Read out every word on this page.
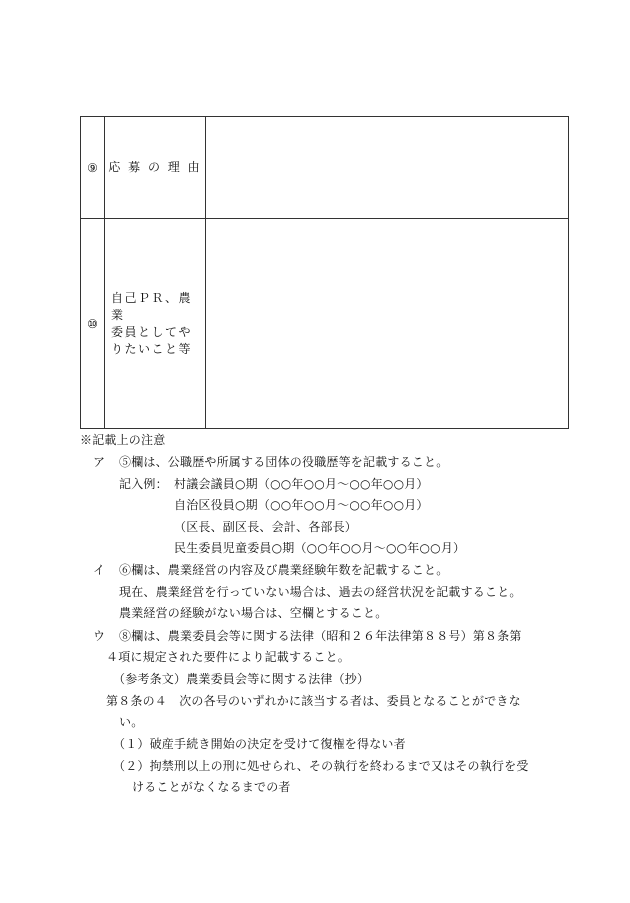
⑨	応 募 の 理 由	
⑩	自己ＰＲ、農業
委員としてや
りたいこと等	

※記載上の注意
ア ⑤欄は、公職歴や所属する団体の役職歴等を記載すること。
記入例： 村議会議員○期（○○年○○月～○○年○○月）
自治区役員○期（○○年○○月～○○年○○月）
（区長、副区長、会計、各部長）
民生委員児童委員○期（○○年○○月～○○年○○月）
イ ⑥欄は、農業経営の内容及び農業経験年数を記載すること。
現在、農業経営を行っていない場合は、過去の経営状況を記載すること。
農業経営の経験がない場合は、空欄とすること。
ウ ⑧欄は、農業委員会等に関する法律（昭和２６年法律第８８号）第８条第
４項に規定された要件により記載すること。
（参考条文）農業委員会等に関する法律（抄）
第８条の４　次の各号のいずれかに該当する者は、委員となることができな
い。
（１）破産手続き開始の決定を受けて復権を得ない者
（２）拘禁刑以上の刑に処せられ、その執行を終わるまで又はその執行を受
けることがなくなるまでの者
